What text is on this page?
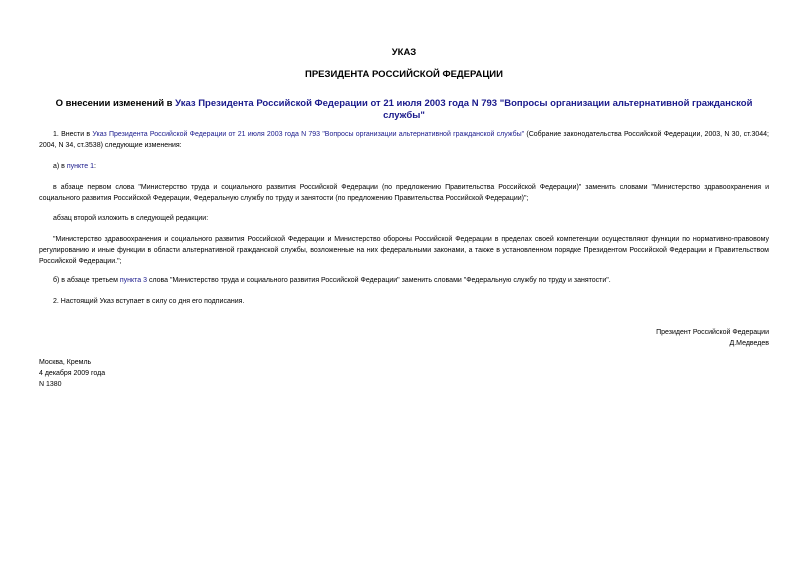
УКАЗ
ПРЕЗИДЕНТА РОССИЙСКОЙ ФЕДЕРАЦИИ
О внесении изменений в Указ Президента Российской Федерации от 21 июля 2003 года N 793 "Вопросы организации альтернативной гражданской службы"

1. Внести в Указ Президента Российской Федерации от 21 июля 2003 года N 793 "Вопросы организации альтернативной гражданской службы" (Собрание законодательства Российской Федерации, 2003, N 30, ст.3044; 2004, N 34, ст.3538) следующие изменения:

а) в пункте 1:

в абзаце первом слова "Министерство труда и социального развития Российской Федерации (по предложению Правительства Российской Федерации)" заменить словами "Министерство здравоохранения и социального развития Российской Федерации, Федеральную службу по труду и занятости (по предложению Правительства Российской Федерации)";

абзац второй изложить в следующей редакции:

"Министерство здравоохранения и социального развития Российской Федерации и Министерство обороны Российской Федерации в пределах своей компетенции осуществляют функции по нормативно-правовому регулированию и иные функции в области альтернативной гражданской службы, возложенные на них федеральными законами, а также в установленном порядке Президентом Российской Федерации и Правительством Российской Федерации.";

б) в абзаце третьем пункта 3 слова "Министерство труда и социального развития Российской Федерации" заменить словами "Федеральную службу по труду и занятости".

2. Настоящий Указ вступает в силу со дня его подписания.

Президент Российской Федерации
Д.Медведев
Москва, Кремль
4 декабря 2009 года
N 1380
